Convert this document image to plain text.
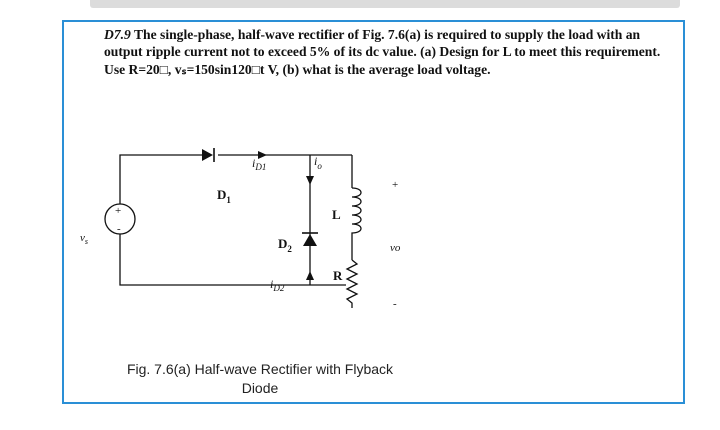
D7.9 The single-phase, half-wave rectifier of Fig. 7.6(a) is required to supply the load with an output ripple current not to exceed 5% of its dc value. (a) Design for L to meet this requirement. Use R=20□, vₛ=150sin120□t V, (b) what is the average load voltage.
$v_s$
+
-
$D_1$
$i_{D1}$	$i_o$
$D_2$
$i_{D2}$
L
R
+
vo
-
Fig. 7.6(a) Half-wave Rectifier with Flyback
Diode
